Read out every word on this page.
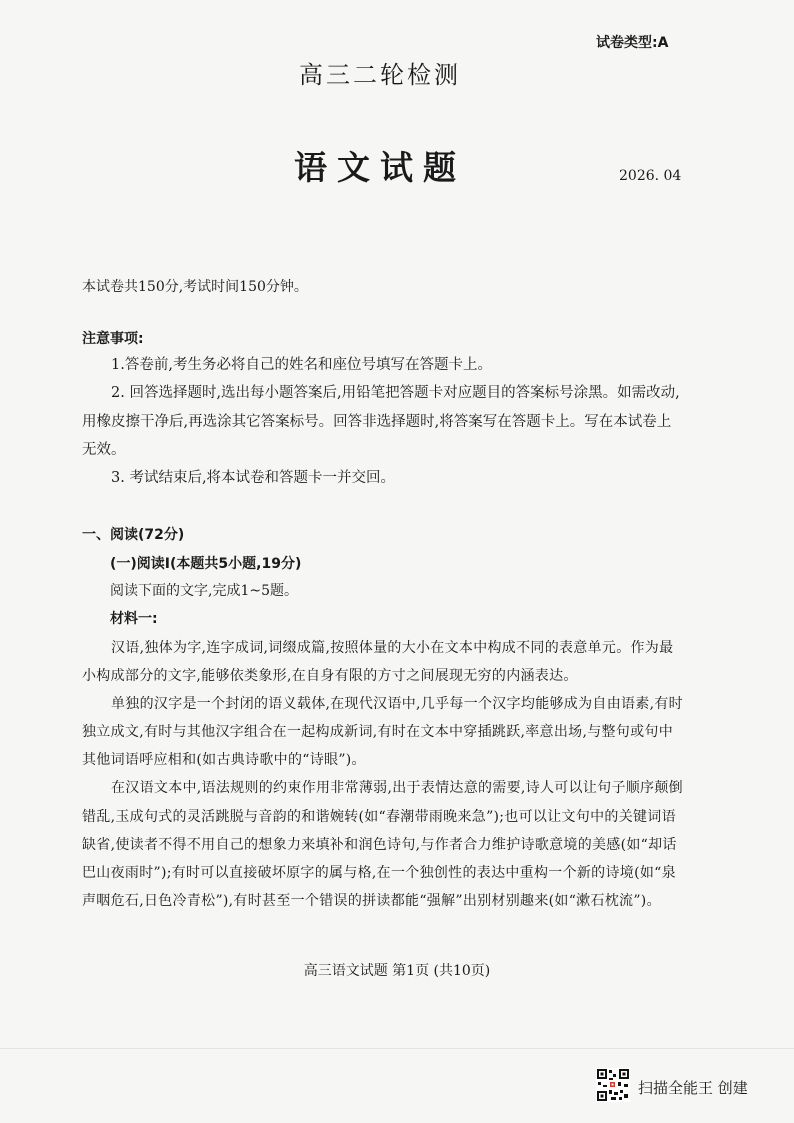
试卷类型:A
高三二轮检测
语文试题	2026. 04
本试卷共150分,考试时间150分钟。
注意事项:

1.答卷前,考生务必将自己的姓名和座位号填写在答题卡上。

2. 回答选择题时,选出每小题答案后,用铅笔把答题卡对应题目的答案标号涂黑。如需改动,用橡皮擦干净后,再选涂其它答案标号。回答非选择题时,将答案写在答题卡上。写在本试卷上无效。

3. 考试结束后,将本试卷和答题卡一并交回。

一、阅读(72分)
(一)阅读Ⅰ(本题共5小题,19分)
阅读下面的文字,完成1~5题。
材料一:

汉语,独体为字,连字成词,词缀成篇,按照体量的大小在文本中构成不同的表意单元。作为最小构成部分的文字,能够依类象形,在自身有限的方寸之间展现无穷的内涵表达。

单独的汉字是一个封闭的语义载体,在现代汉语中,几乎每一个汉字均能够成为自由语素,有时独立成文,有时与其他汉字组合在一起构成新词,有时在文本中穿插跳跃,率意出场,与整句或句中其他词语呼应相和(如古典诗歌中的“诗眼”)。

在汉语文本中,语法规则的约束作用非常薄弱,出于表情达意的需要,诗人可以让句子顺序颠倒错乱,玉成句式的灵活跳脱与音韵的和谐婉转(如“春潮带雨晚来急”);也可以让文句中的关键词语缺省,使读者不得不用自己的想象力来填补和润色诗句,与作者合力维护诗歌意境的美感(如“却话巴山夜雨时”);有时可以直接破坏原字的属与格,在一个独创性的表达中重构一个新的诗境(如“泉声咽危石,日色冷青松”),有时甚至一个错误的拼读都能“强解”出别材别趣来(如“漱石枕流”)。

高三语文试题 第1页 (共10页)
扫描全能王 创建
